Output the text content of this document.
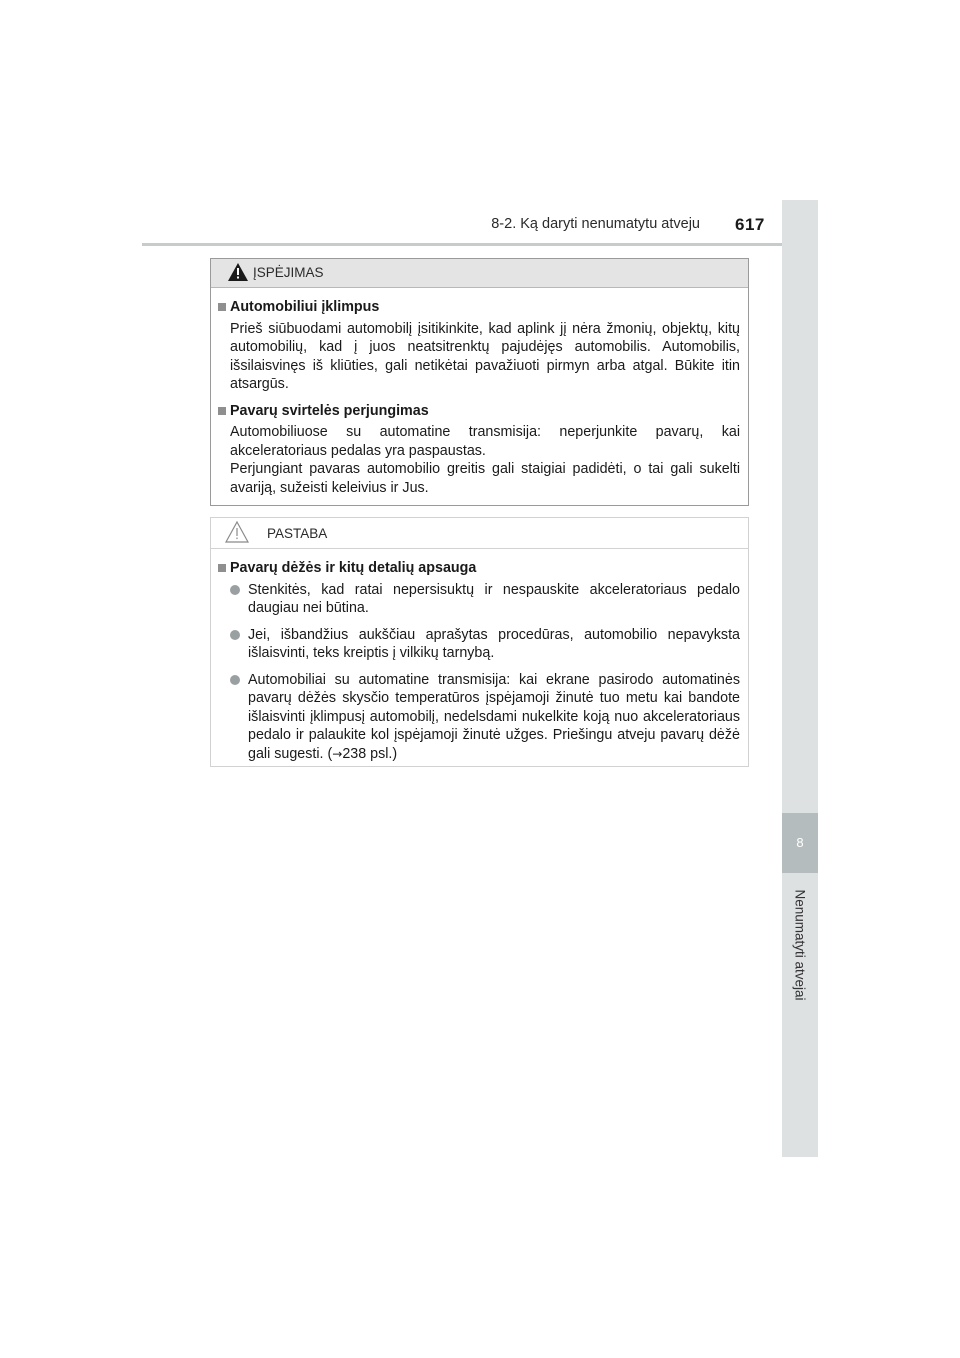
8-2. Ką daryti nenumatytu atveju 617
8
Nenumatyti atvejai
ĮSPĖJIMAS
Automobiliui įklimpus
Prieš siūbuodami automobilį įsitikinkite, kad aplink jį nėra žmonių, objektų, kitų automobilių, kad į juos neatsitrenktų pajudėjęs automobilis. Automobilis, išsilaisvinęs iš kliūties, gali netikėtai pavažiuoti pirmyn arba atgal. Būkite itin atsargūs.
Pavarų svirtelės perjungimas
Automobiliuose su automatine transmisija: neperjunkite pavarų, kai akceleratoriaus pedalas yra paspaustas.
Perjungiant pavaras automobilio greitis gali staigiai padidėti, o tai gali sukelti avariją, sužeisti keleivius ir Jus.
PASTABA
Pavarų dėžės ir kitų detalių apsauga
Stenkitės, kad ratai nepersisuktų ir nespauskite akceleratoriaus pedalo daugiau nei būtina.
Jei, išbandžius aukščiau aprašytas procedūras, automobilio nepavyksta išlaisvinti, teks kreiptis į vilkikų tarnybą.
Automobiliai su automatine transmisija: kai ekrane pasirodo automatinės pavarų dėžės skysčio temperatūros įspėjamoji žinutė tuo metu kai bandote išlaisvinti įklimpusį automobilį, nedelsdami nukelkite koją nuo akceleratoriaus pedalo ir palaukite kol įspėjamoji žinutė užges. Priešingu atveju pavarų dėžė gali sugesti. (→238 psl.)
